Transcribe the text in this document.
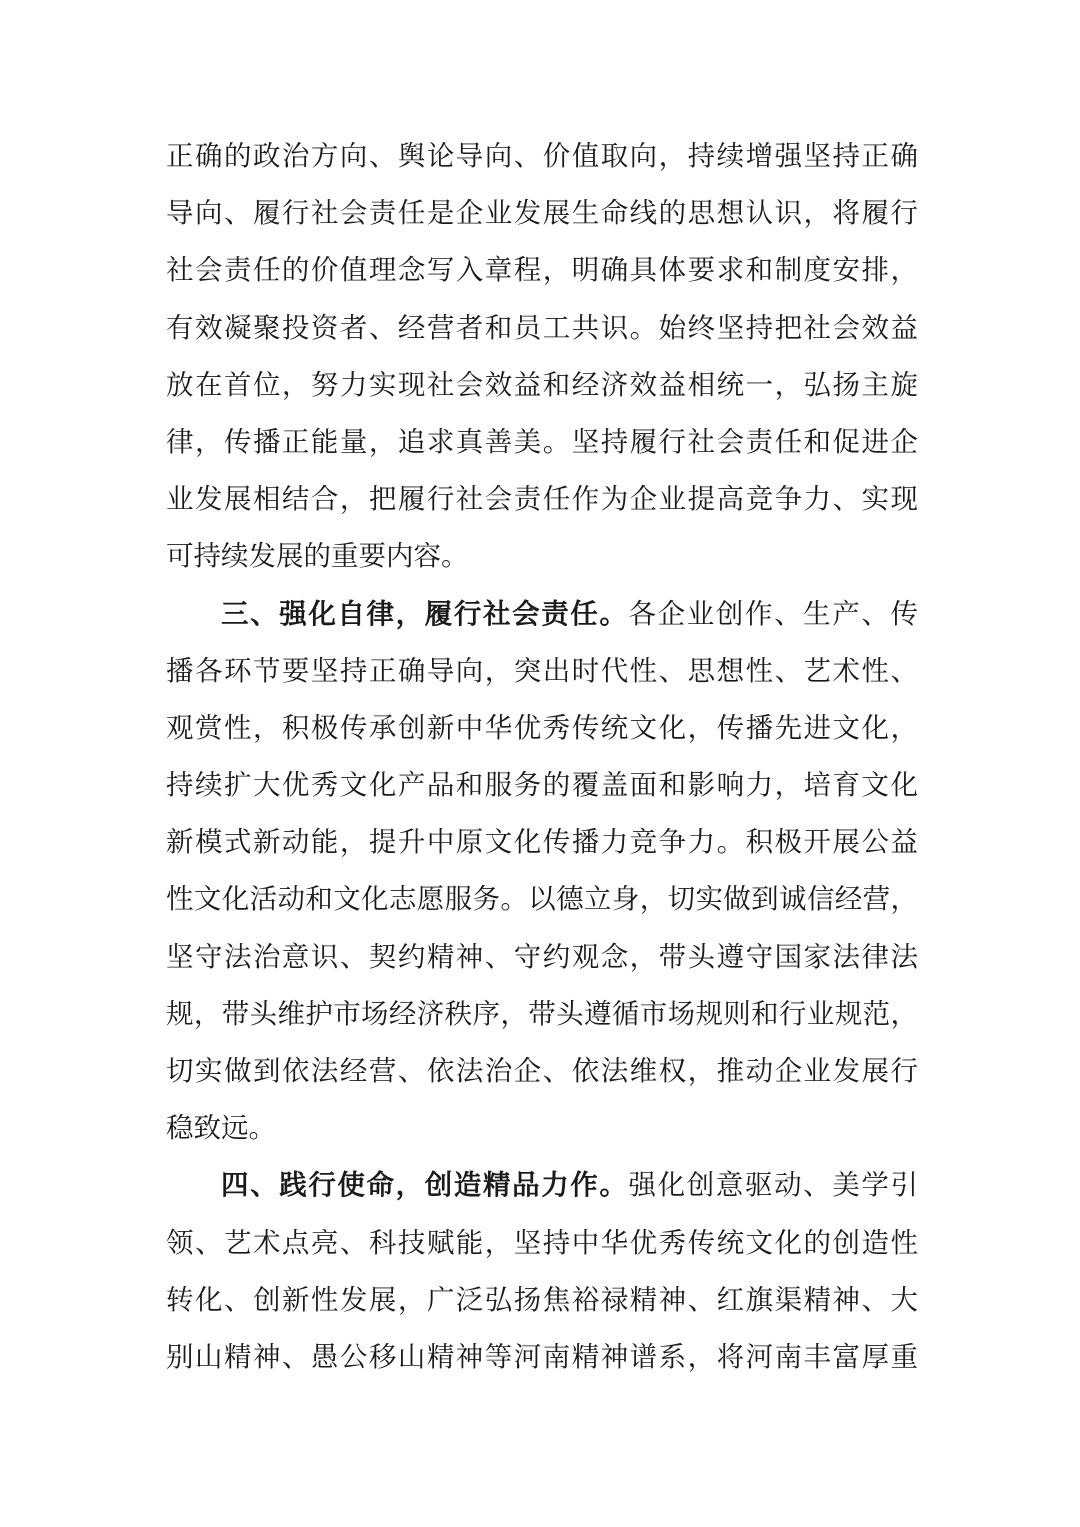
正确的政治方向、舆论导向、价值取向，持续增强坚持正确
导向、履行社会责任是企业发展生命线的思想认识，将履行
社会责任的价值理念写入章程，明确具体要求和制度安排，
有效凝聚投资者、经营者和员工共识。始终坚持把社会效益
放在首位，努力实现社会效益和经济效益相统一，弘扬主旋
律，传播正能量，追求真善美。坚持履行社会责任和促进企
业发展相结合，把履行社会责任作为企业提高竞争力、实现
可持续发展的重要内容。
三、强化自律，履行社会责任。各企业创作、生产、传
播各环节要坚持正确导向，突出时代性、思想性、艺术性、
观赏性，积极传承创新中华优秀传统文化，传播先进文化，
持续扩大优秀文化产品和服务的覆盖面和影响力，培育文化
新模式新动能，提升中原文化传播力竞争力。积极开展公益
性文化活动和文化志愿服务。以德立身，切实做到诚信经营，
坚守法治意识、契约精神、守约观念，带头遵守国家法律法
规，带头维护市场经济秩序，带头遵循市场规则和行业规范，
切实做到依法经营、依法治企、依法维权，推动企业发展行
稳致远。
四、践行使命，创造精品力作。强化创意驱动、美学引
领、艺术点亮、科技赋能，坚持中华优秀传统文化的创造性
转化、创新性发展，广泛弘扬焦裕禄精神、红旗渠精神、大
别山精神、愚公移山精神等河南精神谱系，将河南丰富厚重
